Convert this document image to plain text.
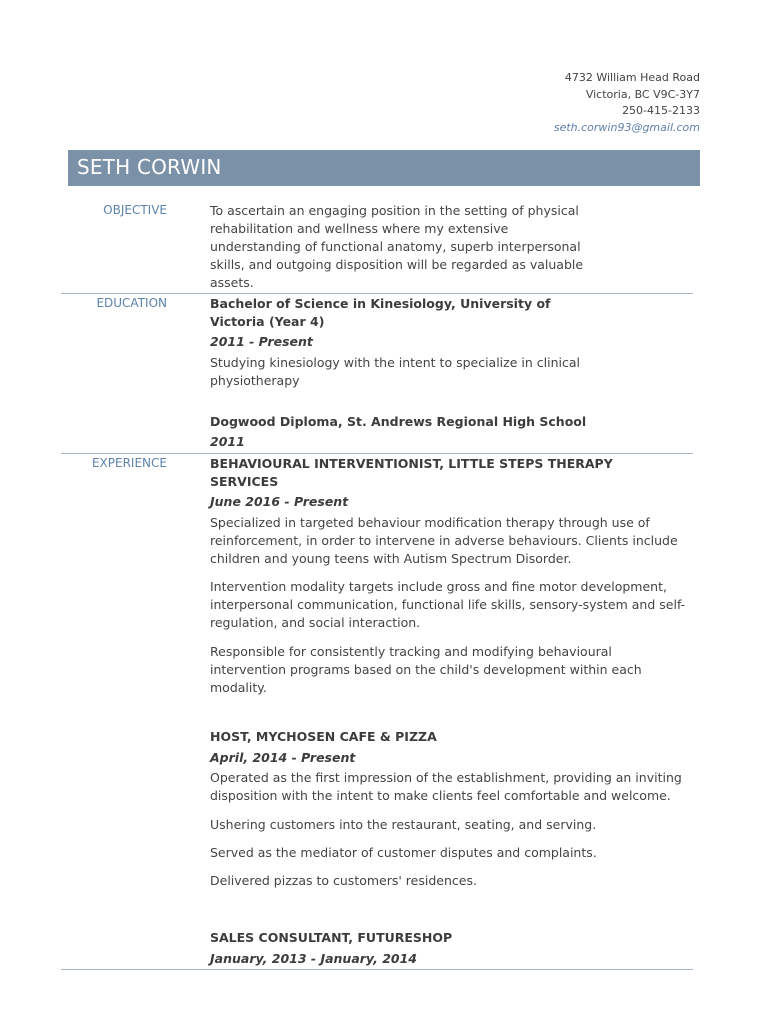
4732 William Head Road
Victoria, BC V9C-3Y7
250-415-2133
seth.corwin93@gmail.com
SETH CORWIN
OBJECTIVE	To ascertain an engaging position in the setting of physical
rehabilitation and wellness where my extensive
understanding of functional anatomy, superb interpersonal
skills, and outgoing disposition will be regarded as valuable
assets.
EDUCATION	Bachelor of Science in Kinesiology, University of
Victoria (Year 4)
2011 - Present
Studying kinesiology with the intent to specialize in clinical
physiotherapy
Dogwood Diploma, St. Andrews Regional High School
2011
EXPERIENCE	BEHAVIOURAL INTERVENTIONIST, LITTLE STEPS THERAPY
SERVICES
June 2016 - Present
Specialized in targeted behaviour modification therapy through use of
reinforcement, in order to intervene in adverse behaviours. Clients include
children and young teens with Autism Spectrum Disorder.
Intervention modality targets include gross and fine motor development,
interpersonal communication, functional life skills, sensory-system and self-
regulation, and social interaction.
Responsible for consistently tracking and modifying behavioural
intervention programs based on the child's development within each
modality.
HOST, MYCHOSEN CAFE & PIZZA
April, 2014 - Present
Operated as the first impression of the establishment, providing an inviting
disposition with the intent to make clients feel comfortable and welcome.
Ushering customers into the restaurant, seating, and serving.
Served as the mediator of customer disputes and complaints.
Delivered pizzas to customers' residences.
SALES CONSULTANT, FUTURESHOP
January, 2013 - January, 2014
